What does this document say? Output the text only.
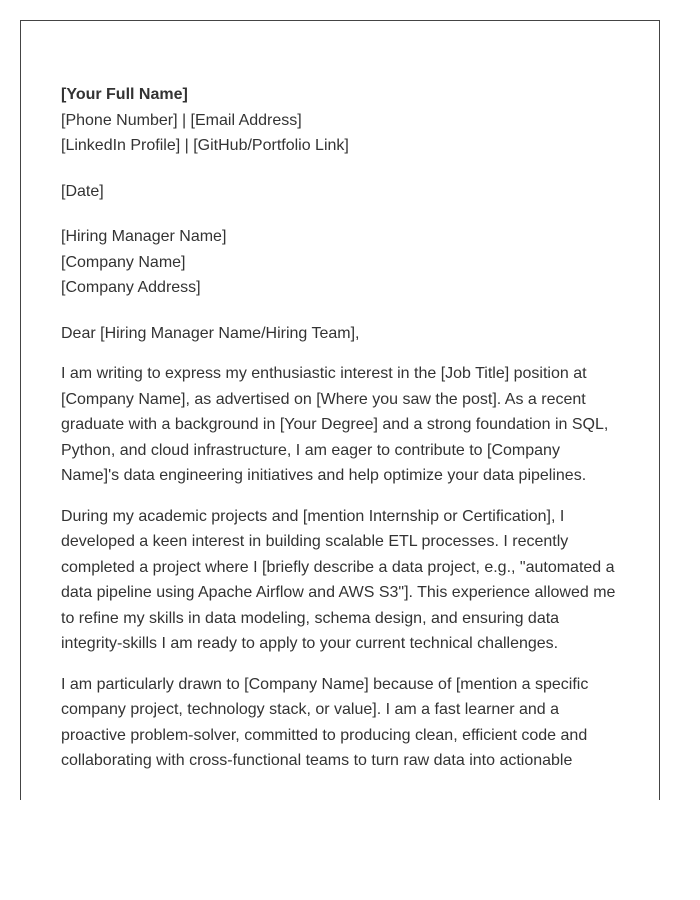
[Your Full Name]
[Phone Number] | [Email Address]
[LinkedIn Profile] | [GitHub/Portfolio Link]
[Date]
[Hiring Manager Name]
[Company Name]
[Company Address]
Dear [Hiring Manager Name/Hiring Team],

I am writing to express my enthusiastic interest in the [Job Title] position at
[Company Name], as advertised on [Where you saw the post]. As a recent
graduate with a background in [Your Degree] and a strong foundation in SQL,
Python, and cloud infrastructure, I am eager to contribute to [Company
Name]'s data engineering initiatives and help optimize your data pipelines.

During my academic projects and [mention Internship or Certification], I
developed a keen interest in building scalable ETL processes. I recently
completed a project where I [briefly describe a data project, e.g., "automated a
data pipeline using Apache Airflow and AWS S3"]. This experience allowed me
to refine my skills in data modeling, schema design, and ensuring data
integrity-skills I am ready to apply to your current technical challenges.

I am particularly drawn to [Company Name] because of [mention a specific
company project, technology stack, or value]. I am a fast learner and a
proactive problem-solver, committed to producing clean, efficient code and
collaborating with cross-functional teams to turn raw data into actionable
